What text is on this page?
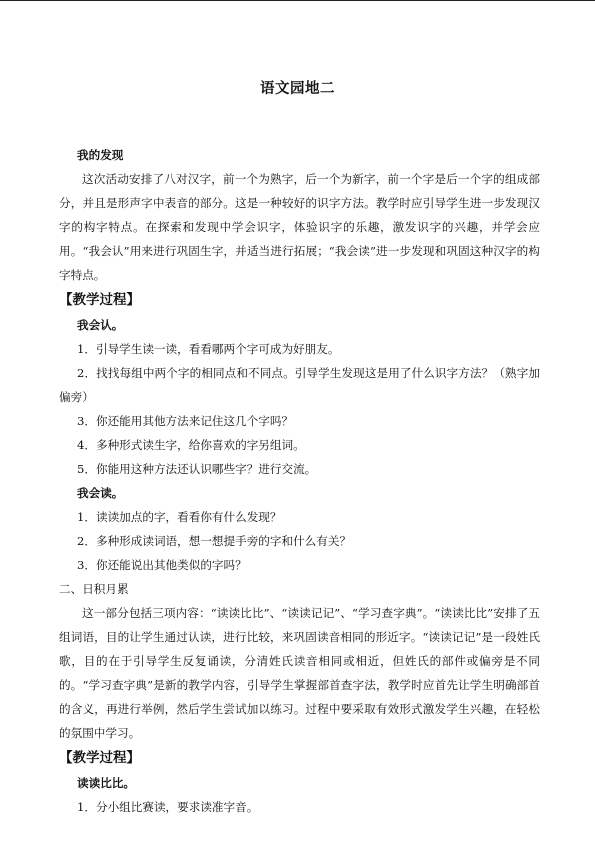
语文园地二

我的发现

这次活动安排了八对汉字，前一个为熟字，后一个为新字，前一个字是后一个字的组成部分，并且是形声字中表音的部分。这是一种较好的识字方法。教学时应引导学生进一步发现汉字的构字特点。在探索和发现中学会识字，体验识字的乐趣，激发识字的兴趣，并学会应用。“我会认”用来进行巩固生字，并适当进行拓展；“我会读”进一步发现和巩固这种汉字的构字特点。

【教学过程】

我会认。

1．引导学生读一读，看看哪两个字可成为好朋友。

2．找找每组中两个字的相同点和不同点。引导学生发现这是用了什么识字方法？（熟字加偏旁）

3．你还能用其他方法来记住这几个字吗？

4．多种形式读生字，给你喜欢的字另组词。

5．你能用这种方法还认识哪些字？进行交流。

我会读。

1．读读加点的字，看看你有什么发现？

2．多种形成读词语，想一想提手旁的字和什么有关？

3．你还能说出其他类似的字吗？

二、日积月累

这一部分包括三项内容：“读读比比”、“读读记记”、“学习查字典”。“读读比比”安排了五组词语，目的让学生通过认读，进行比较，来巩固读音相同的形近字。“读读记记”是一段姓氏歌，目的在于引导学生反复诵读，分清姓氏读音相同或相近，但姓氏的部件或偏旁是不同的。“学习查字典”是新的教学内容，引导学生掌握部首查字法，教学时应首先让学生明确部首的含义，再进行举例，然后学生尝试加以练习。过程中要采取有效形式激发学生兴趣，在轻松的氛围中学习。

【教学过程】

读读比比。

1．分小组比赛读，要求读准字音。
